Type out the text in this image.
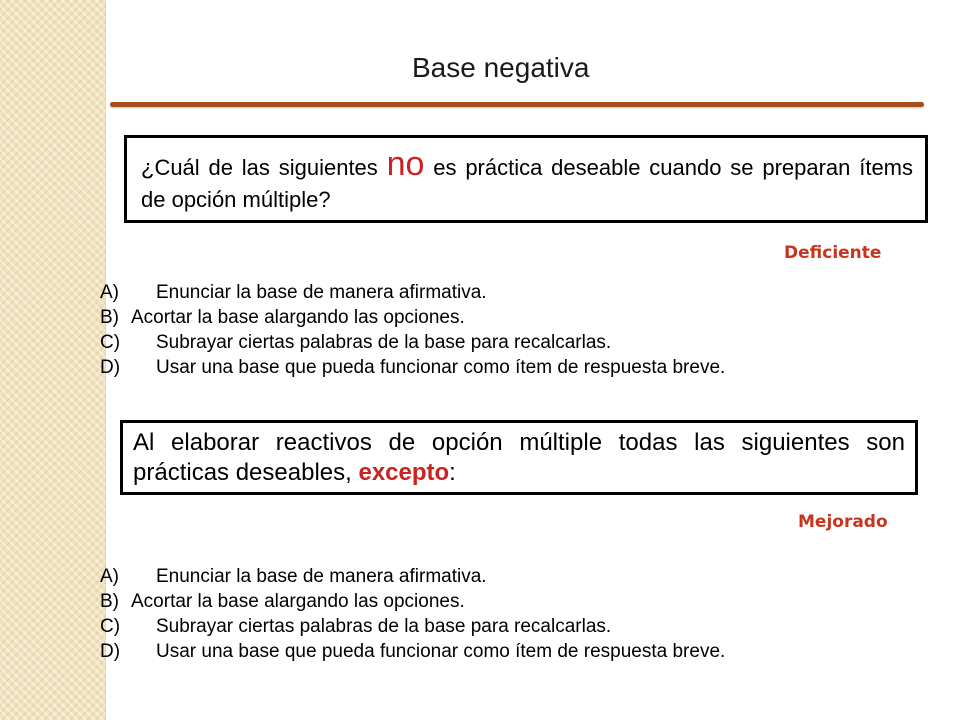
Base negativa
¿Cuál de las siguientes no es práctica deseable cuando se preparan ítems de opción múltiple?
Deficiente
A) Enunciar la base de manera afirmativa.
B) Acortar la base alargando las opciones.
C) Subrayar ciertas palabras de la base para recalcarlas.
D) Usar una base que pueda funcionar como ítem de respuesta breve.
Al elaborar reactivos de opción múltiple todas las siguientes son prácticas deseables, excepto:
Mejorado
A) Enunciar la base de manera afirmativa.
B) Acortar la base alargando las opciones.
C) Subrayar ciertas palabras de la base para recalcarlas.
D) Usar una base que pueda funcionar como ítem de respuesta breve.
